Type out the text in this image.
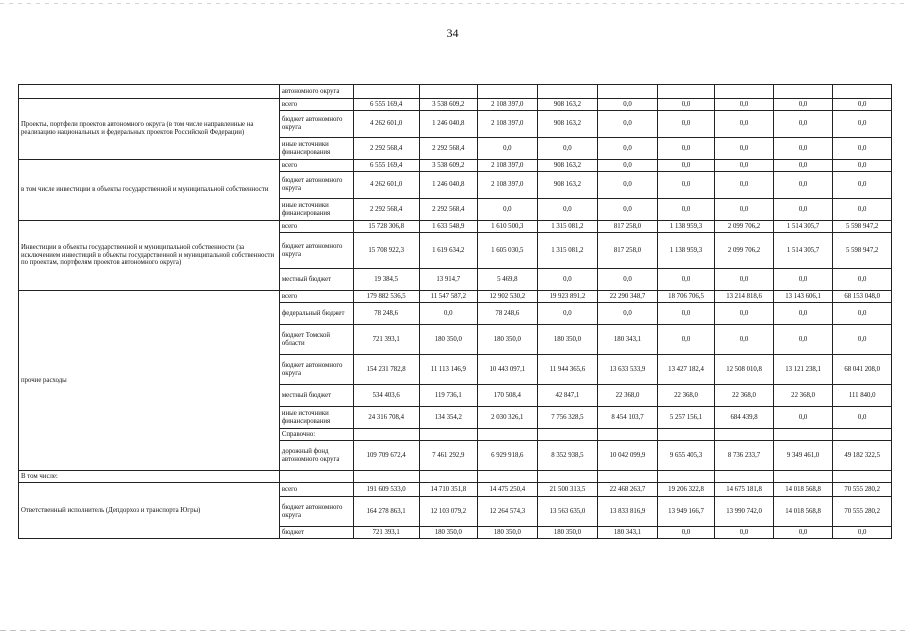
34
	автономного округа									
Проекты, портфели проектов автономного округа (в том числе направленные на реализацию национальных и федеральных проектов Российской Федерации)	всего	6 555 169,4	3 538 609,2	2 108 397,0	908 163,2	0,0	0,0	0,0	0,0	0,0
	бюджет автономного округа	4 262 601,0	1 246 040,8	2 108 397,0	908 163,2	0,0	0,0	0,0	0,0	0,0
	иные источники финансирования	2 292 568,4	2 292 568,4	0,0	0,0	0,0	0,0	0,0	0,0	0,0
в том числе инвестиции в объекты государственной и муниципальной собственности	всего	6 555 169,4	3 538 609,2	2 108 397,0	908 163,2	0,0	0,0	0,0	0,0	0,0
	бюджет автономного округа	4 262 601,0	1 246 040,8	2 108 397,0	908 163,2	0,0	0,0	0,0	0,0	0,0
	иные источники финансирования	2 292 568,4	2 292 568,4	0,0	0,0	0,0	0,0	0,0	0,0	0,0
Инвестиции в объекты государственной и муниципальной собственности (за исключением инвестиций в объекты государственной и муниципальной собственности по проектам, портфелям проектов автономного округа)	всего	15 728 306,8	1 633 548,9	1 610 500,3	1 315 081,2	817 258,0	1 138 959,3	2 099 706,2	1 514 305,7	5 598 947,2
	бюджет автономного округа	15 708 922,3	1 619 634,2	1 605 030,5	1 315 081,2	817 258,0	1 138 959,3	2 099 706,2	1 514 305,7	5 598 947,2
	местный бюджет	19 384,5	13 914,7	5 469,8	0,0	0,0	0,0	0,0	0,0	0,0
прочие расходы	всего	179 882 536,5	11 547 587,2	12 902 530,2	19 923 891,2	22 290 348,7	18 706 706,5	13 214 818,6	13 143 606,1	68 153 048,0
	федеральный бюджет	78 248,6	0,0	78 248,6	0,0	0,0	0,0	0,0	0,0	0,0
	бюджет Томской области	721 393,1	180 350,0	180 350,0	180 350,0	180 343,1	0,0	0,0	0,0	0,0
	бюджет автономного округа	154 231 782,8	11 113 146,9	10 443 097,1	11 944 365,6	13 633 533,9	13 427 182,4	12 508 010,8	13 121 238,1	68 041 208,0
	местный бюджет	534 403,6	119 736,1	170 508,4	42 847,1	22 368,0	22 368,0	22 368,0	22 368,0	111 840,0
	иные источники финансирования	24 316 708,4	134 354,2	2 030 326,1	7 756 328,5	8 454 103,7	5 257 156,1	684 439,8	0,0	0,0
	Справочно:									
	дорожный фонд автономного округа	109 709 672,4	7 461 292,9	6 929 918,6	8 352 938,5	10 042 099,9	9 655 405,3	8 736 233,7	9 349 461,0	49 182 322,5
В том числе:										
Ответственный исполнитель (Депдорхоз и транспорта Югры)	всего	191 609 533,0	14 710 351,8	14 475 250,4	21 500 313,5	22 468 263,7	19 206 322,8	14 675 181,8	14 018 568,8	70 555 280,2
	бюджет автономного округа	164 278 863,1	12 103 079,2	12 264 574,3	13 563 635,0	13 833 816,9	13 949 166,7	13 990 742,0	14 018 568,8	70 555 280,2
	бюджет	721 393,1	180 350,0	180 350,0	180 350,0	180 343,1	0,0	0,0	0,0	0,0
